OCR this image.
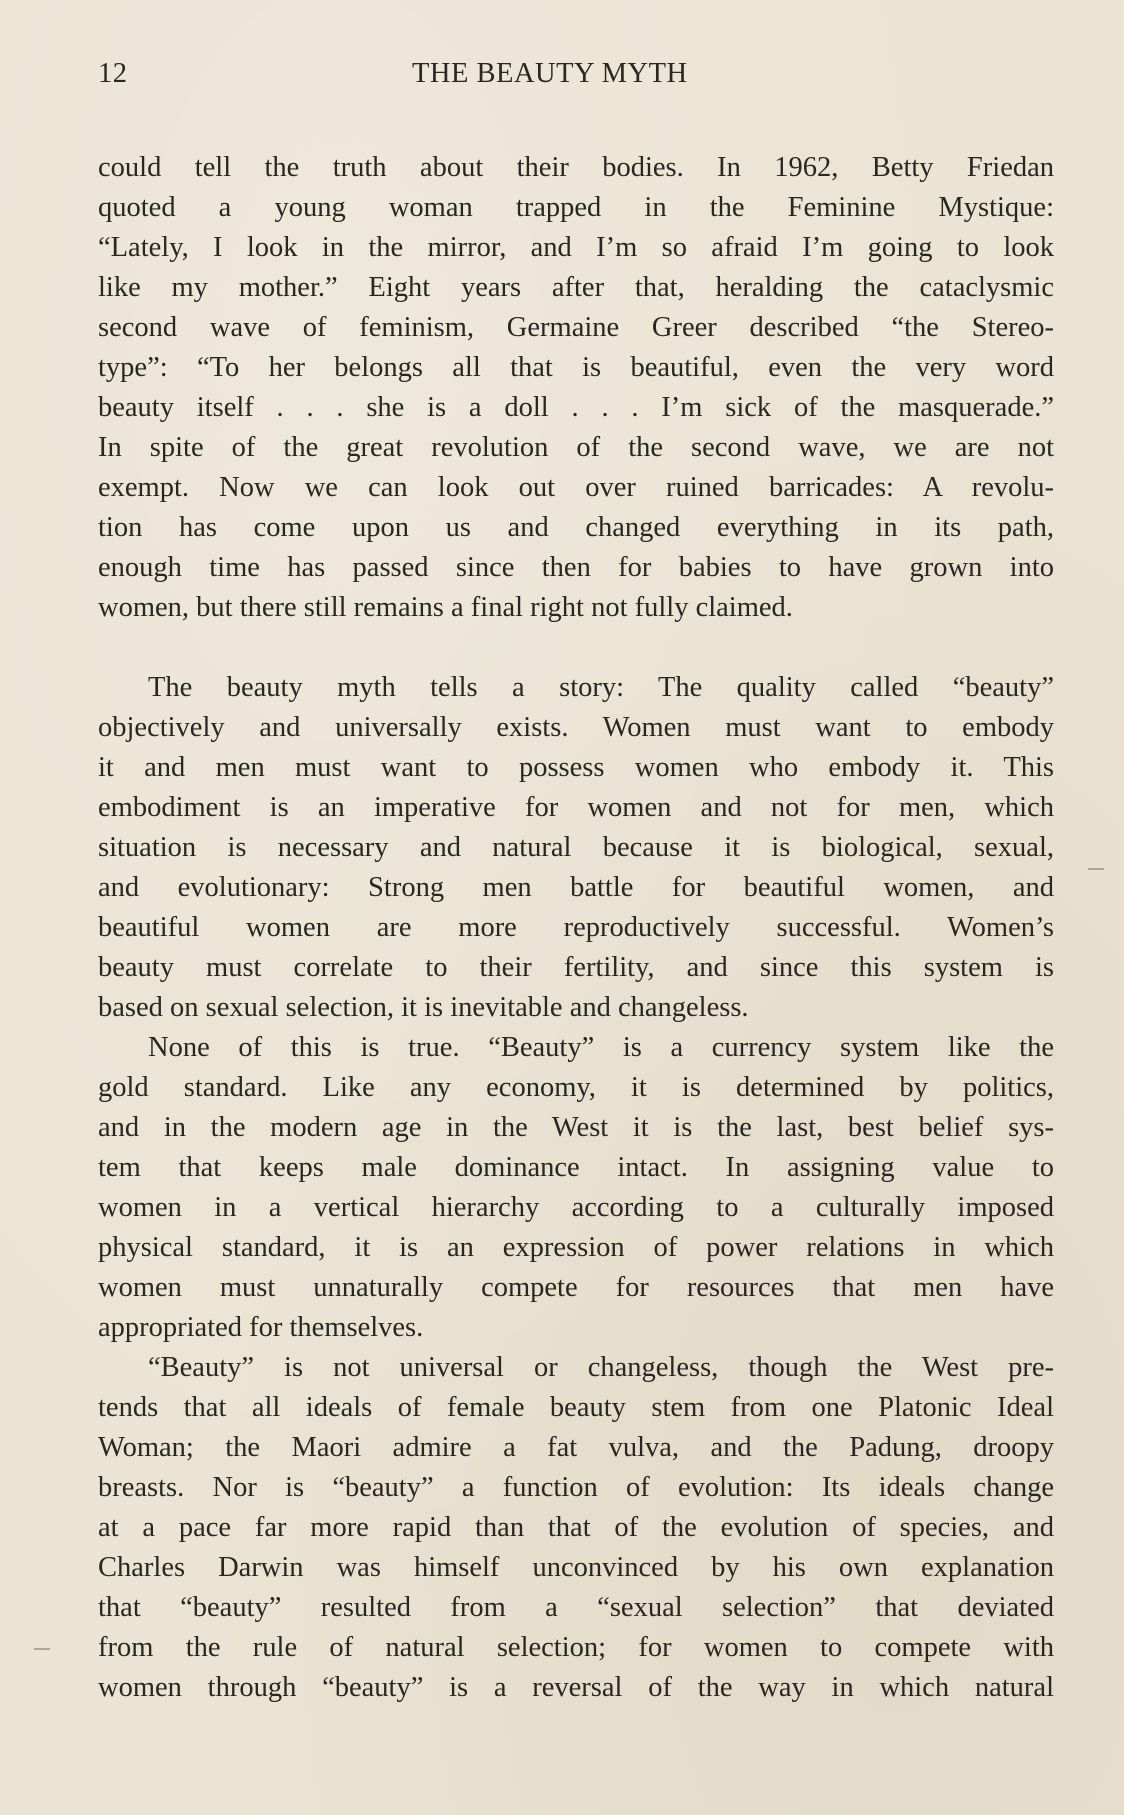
12	THE BEAUTY MYTH
could tell the truth about their bodies. In 1962, Betty Friedan
quoted a young woman trapped in the Feminine Mystique:
“Lately, I look in the mirror, and I’m so afraid I’m going to look
like my mother.” Eight years after that, heralding the cataclysmic
second wave of feminism, Germaine Greer described “the Stereo-
type”: “To her belongs all that is beautiful, even the very word
beauty itself . . . she is a doll . . . I’m sick of the masquerade.”
In spite of the great revolution of the second wave, we are not
exempt. Now we can look out over ruined barricades: A revolu-
tion has come upon us and changed everything in its path,
enough time has passed since then for babies to have grown into
women, but there still remains a final right not fully claimed.
The beauty myth tells a story: The quality called “beauty”
objectively and universally exists. Women must want to embody
it and men must want to possess women who embody it. This
embodiment is an imperative for women and not for men, which
situation is necessary and natural because it is biological, sexual,
and evolutionary: Strong men battle for beautiful women, and
beautiful women are more reproductively successful. Women’s
beauty must correlate to their fertility, and since this system is
based on sexual selection, it is inevitable and changeless.
None of this is true. “Beauty” is a currency system like the
gold standard. Like any economy, it is determined by politics,
and in the modern age in the West it is the last, best belief sys-
tem that keeps male dominance intact. In assigning value to
women in a vertical hierarchy according to a culturally imposed
physical standard, it is an expression of power relations in which
women must unnaturally compete for resources that men have
appropriated for themselves.
“Beauty” is not universal or changeless, though the West pre-
tends that all ideals of female beauty stem from one Platonic Ideal
Woman; the Maori admire a fat vulva, and the Padung, droopy
breasts. Nor is “beauty” a function of evolution: Its ideals change
at a pace far more rapid than that of the evolution of species, and
Charles Darwin was himself unconvinced by his own explanation
that “beauty” resulted from a “sexual selection” that deviated
from the rule of natural selection; for women to compete with
women through “beauty” is a reversal of the way in which natural
